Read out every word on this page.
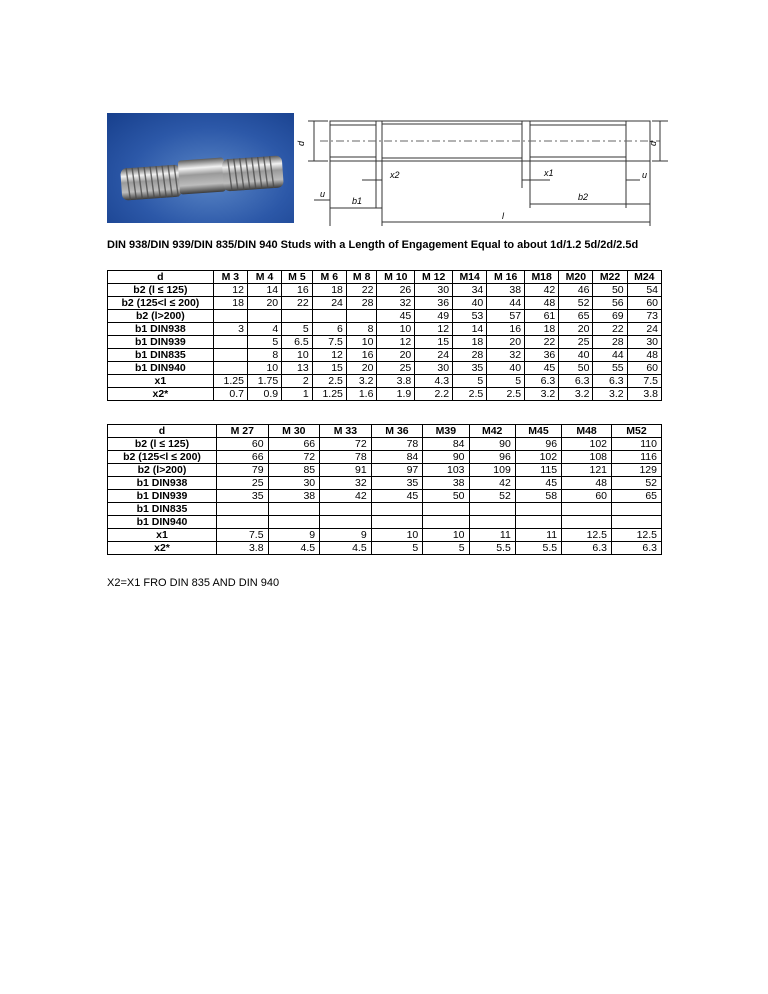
d	d
x2	x1
u
u
b1	b2
l
DIN 938/DIN 939/DIN 835/DIN 940 Studs with a Length of Engagement Equal to about 1d/1.2 5d/2d/2.5d
d	M 3	M 4	M 5	M 6	M 8	M 10	M 12	M14	M 16	M18	M20	M22	M24
b2 (l ≤ 125)	12	14	16	18	22	26	30	34	38	42	46	50	54
b2 (125<l ≤ 200)	18	20	22	24	28	32	36	40	44	48	52	56	60
b2 (l>200)						45	49	53	57	61	65	69	73
b1 DIN938	3	4	5	6	8	10	12	14	16	18	20	22	24
b1 DIN939		5	6.5	7.5	10	12	15	18	20	22	25	28	30
b1 DIN835		8	10	12	16	20	24	28	32	36	40	44	48
b1 DIN940		10	13	15	20	25	30	35	40	45	50	55	60
x1	1.25	1.75	2	2.5	3.2	3.8	4.3	5	5	6.3	6.3	6.3	7.5
x2*	0.7	0.9	1	1.25	1.6	1.9	2.2	2.5	2.5	3.2	3.2	3.2	3.8
d	M 27	M 30	M 33	M 36	M39	M42	M45	M48	M52
b2 (l ≤ 125)	60	66	72	78	84	90	96	102	110
b2 (125<l ≤ 200)	66	72	78	84	90	96	102	108	116
b2 (l>200)	79	85	91	97	103	109	115	121	129
b1 DIN938	25	30	32	35	38	42	45	48	52
b1 DIN939	35	38	42	45	50	52	58	60	65
b1 DIN835									
b1 DIN940									
x1	7.5	9	9	10	10	11	11	12.5	12.5
x2*	3.8	4.5	4.5	5	5	5.5	5.5	6.3	6.3
X2=X1 FRO DIN 835 AND DIN 940
